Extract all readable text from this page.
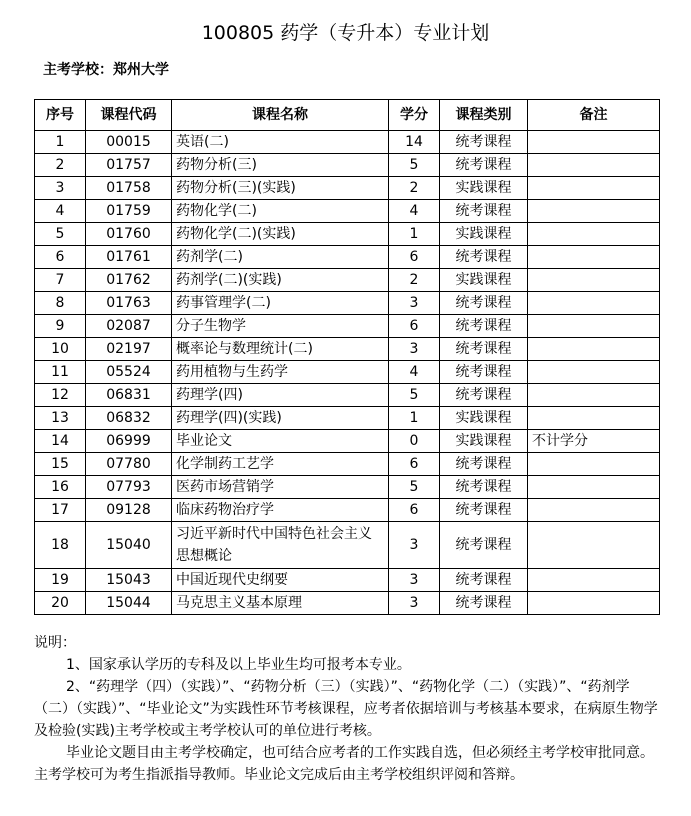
100805 药学（专升本）专业计划
主考学校：郑州大学
序号	课程代码	课程名称	学分	课程类别	备注
1	00015	英语(二)	14	统考课程	
2	01757	药物分析(三)	5	统考课程	
3	01758	药物分析(三)(实践)	2	实践课程	
4	01759	药物化学(二)	4	统考课程	
5	01760	药物化学(二)(实践)	1	实践课程	
6	01761	药剂学(二)	6	统考课程	
7	01762	药剂学(二)(实践)	2	实践课程	
8	01763	药事管理学(二)	3	统考课程	
9	02087	分子生物学	6	统考课程	
10	02197	概率论与数理统计(二)	3	统考课程	
11	05524	药用植物与生药学	4	统考课程	
12	06831	药理学(四)	5	统考课程	
13	06832	药理学(四)(实践)	1	实践课程	
14	06999	毕业论文	0	实践课程	不计学分
15	07780	化学制药工艺学	6	统考课程	
16	07793	医药市场营销学	5	统考课程	
17	09128	临床药物治疗学	6	统考课程	
18	15040	习近平新时代中国特色社会主义思想概论	3	统考课程	
19	15043	中国近现代史纲要	3	统考课程	
20	15044	马克思主义基本原理	3	统考课程	

说明：

1、国家承认学历的专科及以上毕业生均可报考本专业。

2、“药理学（四）（实践）”、“药物分析（三）（实践）”、“药物化学（二）（实践）”、“药剂学（二）（实践）”、“毕业论文”为实践性环节考核课程，应考者依据培训与考核基本要求，在病原生物学及检验(实践)主考学校或主考学校认可的单位进行考核。

毕业论文题目由主考学校确定，也可结合应考者的工作实践自选，但必须经主考学校审批同意。主考学校可为考生指派指导教师。毕业论文完成后由主考学校组织评阅和答辩。
